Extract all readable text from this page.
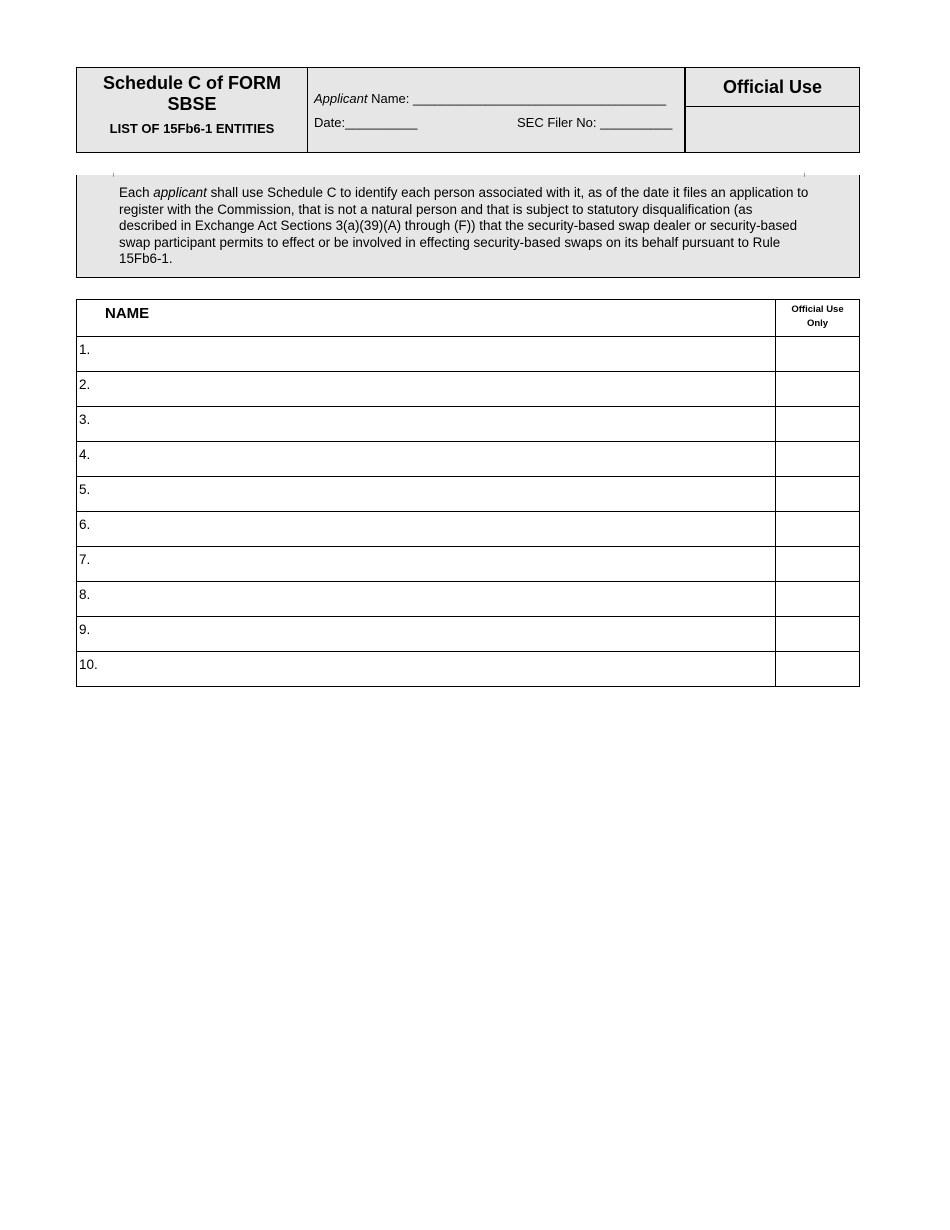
Schedule C of FORM
SBSE
LIST OF 15Fb6-1 ENTITIES
Applicant Name: ___________________________________
Date:__________	SEC Filer No: __________
Official Use

Each applicant shall use Schedule C to identify each person associated with it, as of the date it files an application to register with the Commission, that is not a natural person and that is subject to statutory disqualification (as described in Exchange Act Sections 3(a)(39)(A) through (F)) that the security-based swap dealer or security-based swap participant permits to effect or be involved in effecting security-based swaps on its behalf pursuant to Rule 15Fb6-1.

NAME	Official Use
Only

1.	

2.	

3.	

4.	

5.	

6.	

7.	

8.	

9.	

10.	
